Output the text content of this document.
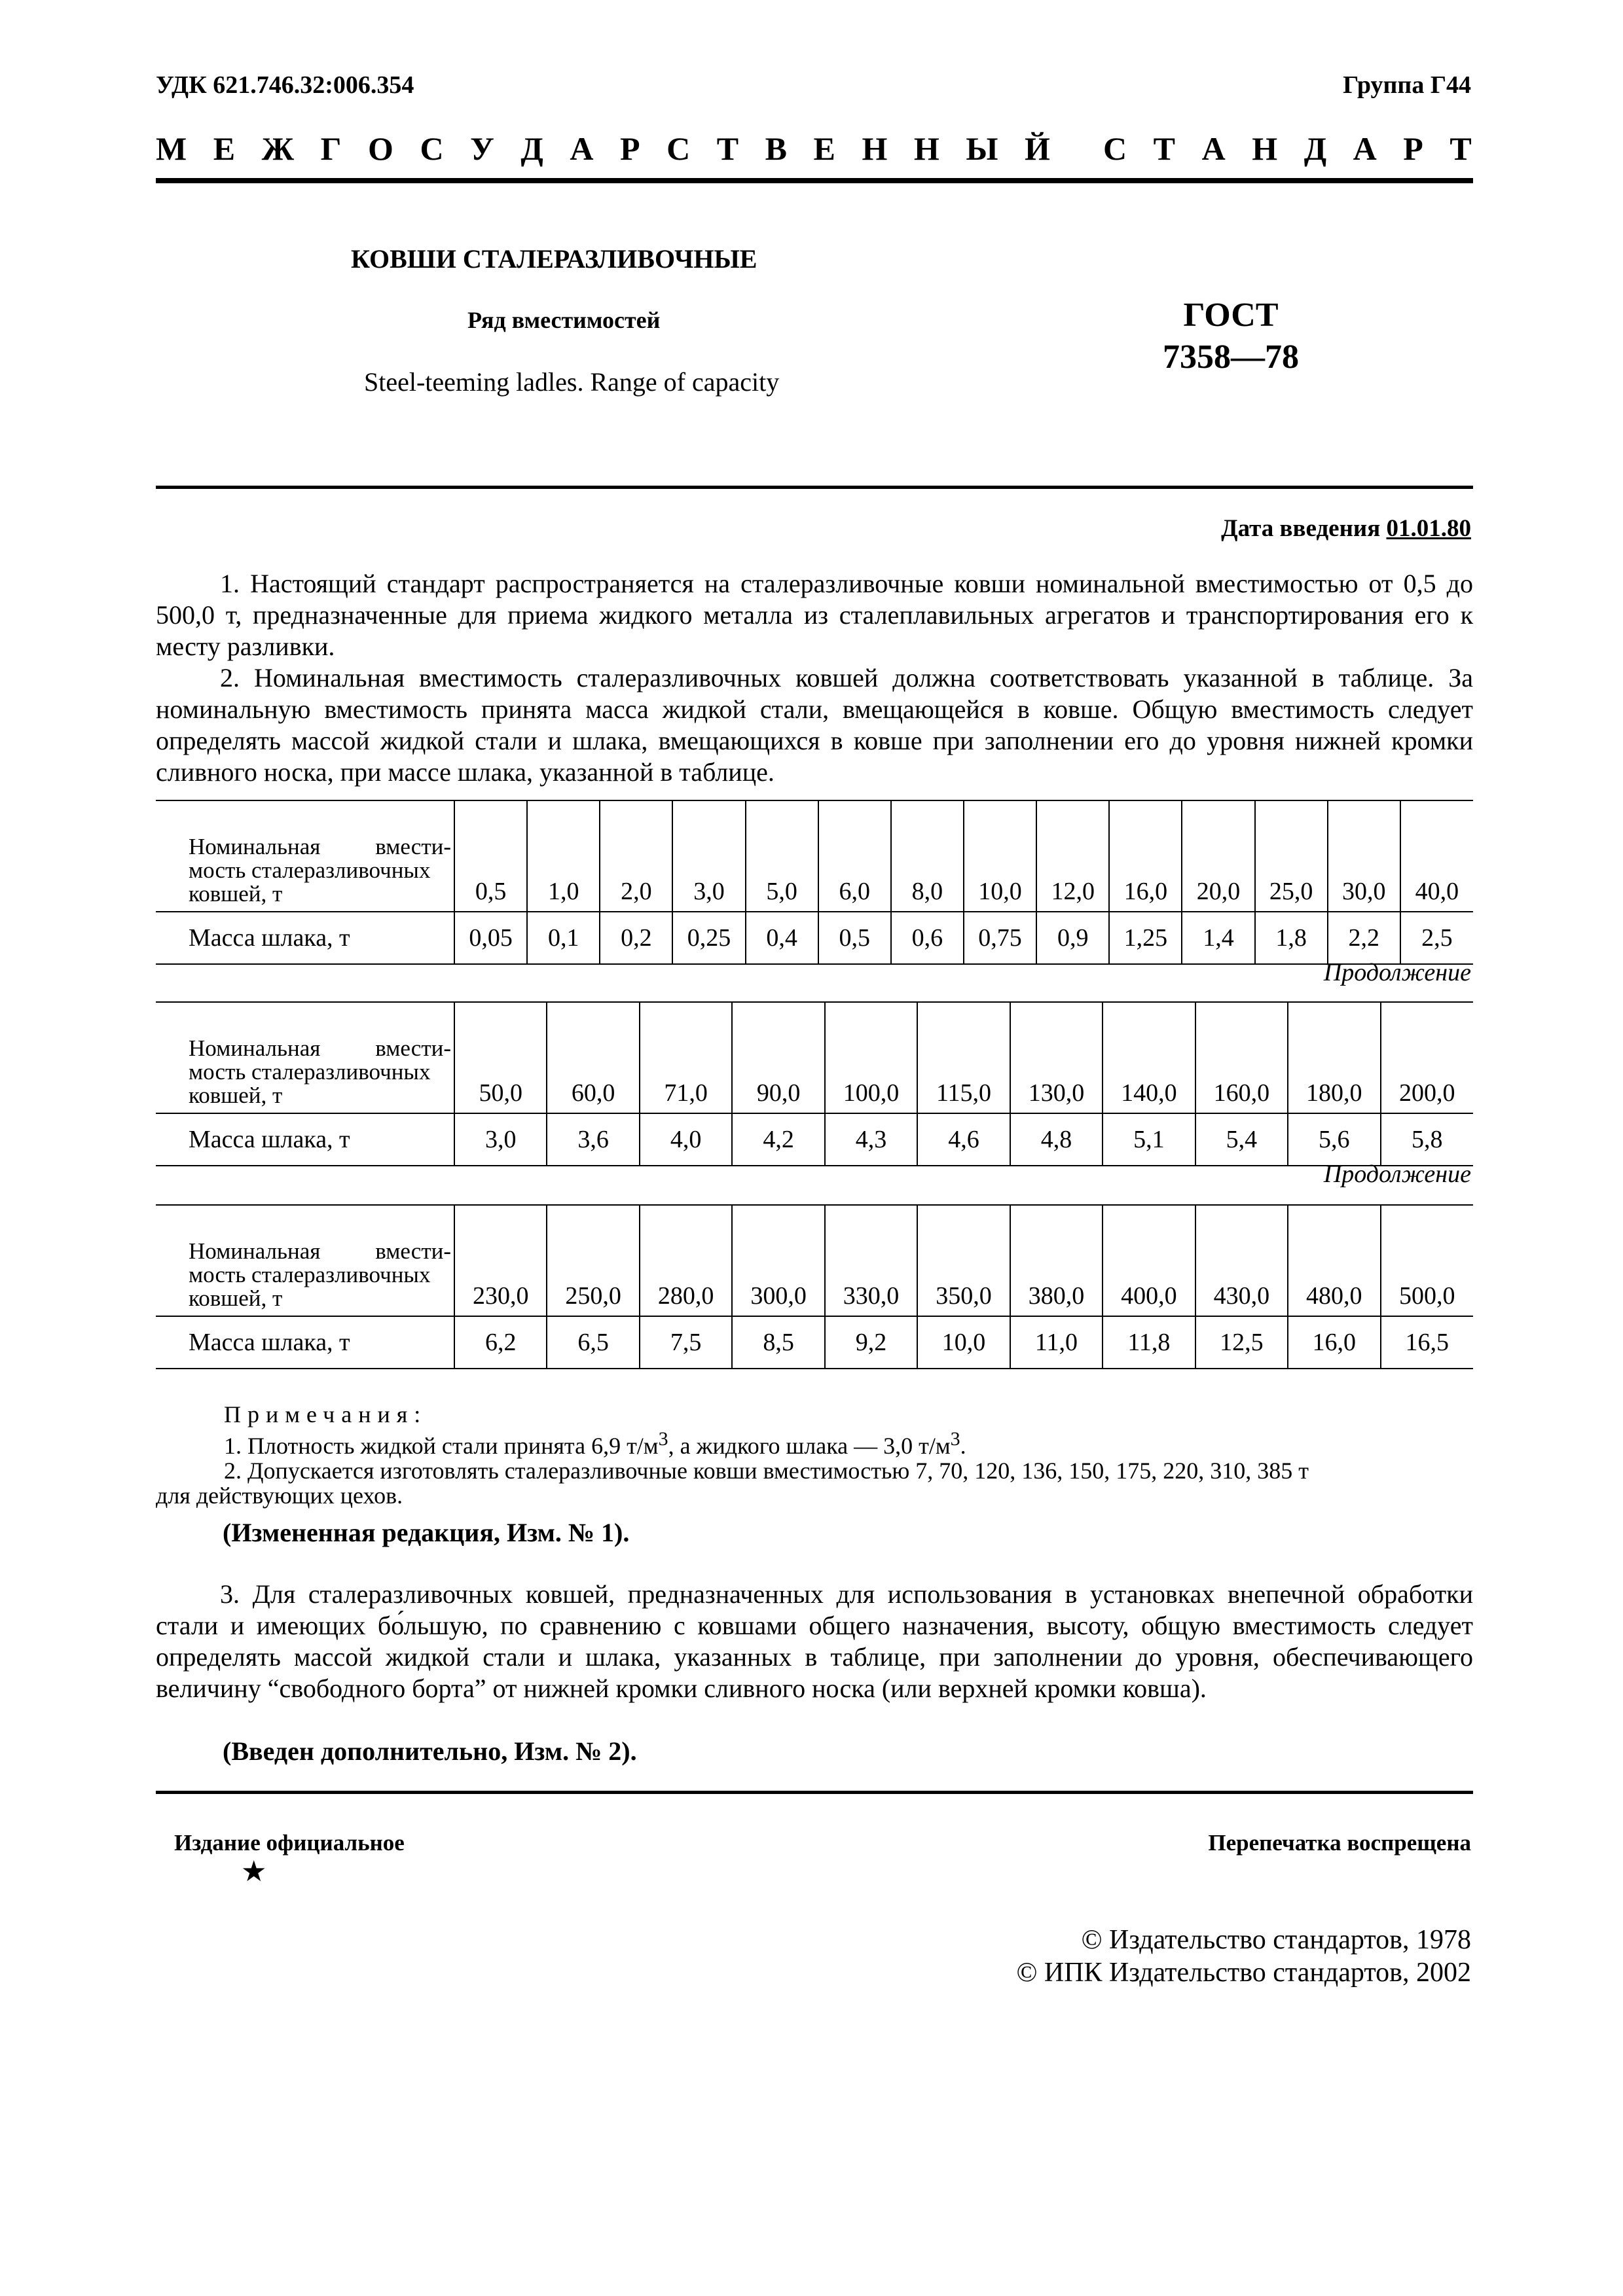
УДК 621.746.32:006.354	Группа Г44
М Е Ж Г О С У Д А Р С Т В Е Н Н Ы Й С Т А Н Д А Р Т
КОВШИ СТАЛЕРАЗЛИВОЧНЫЕ
Ряд вместимостей
Steel-teeming ladles. Range of capacity
ГОСТ
7358—78
Дата введения 01.01.80
1. Настоящий стандарт распространяется на сталеразливочные ковши номинальной вместимостью от 0,5 до 500,0 т, предназначенные для приема жидкого металла из сталеплавильных агрегатов и транспортирования его к месту разливки.
2. Номинальная вместимость сталеразливочных ковшей должна соответствовать указанной в таблице. За номинальную вместимость принята масса жидкой стали, вмещающейся в ковше. Общую вместимость следует определять массой жидкой стали и шлака, вмещающихся в ковше при заполнении его до уровня нижней кромки сливного носка, при массе шлака, указанной в таблице.
Номинальная вмести-
мость сталеразливочных
ковшей, т	0,5	1,0	2,0	3,0	5,0	6,0	8,0	10,0	12,0	16,0	20,0	25,0	30,0	40,0
Масса шлака, т	0,05	0,1	0,2	0,25	0,4	0,5	0,6	0,75	0,9	1,25	1,4	1,8	2,2	2,5
Продолжение
Номинальная вмести-
мость сталеразливочных
ковшей, т	50,0	60,0	71,0	90,0	100,0	115,0	130,0	140,0	160,0	180,0	200,0
Масса шлака, т	3,0	3,6	4,0	4,2	4,3	4,6	4,8	5,1	5,4	5,6	5,8
Продолжение
Номинальная вмести-
мость сталеразливочных
ковшей, т	230,0	250,0	280,0	300,0	330,0	350,0	380,0	400,0	430,0	480,0	500,0
Масса шлака, т	6,2	6,5	7,5	8,5	9,2	10,0	11,0	11,8	12,5	16,0	16,5
Примечания:
1. Плотность жидкой стали принята 6,9 $т/м^3$, а жидкого шлака — 3,0 $т/м^3$.
2. Допускается изготовлять сталеразливочные ковши вместимостью 7, 70, 120, 136, 150, 175, 220, 310, 385 т
для действующих цехов.
(Измененная редакция, Изм. № 1).
3. Для сталеразливочных ковшей, предназначенных для использования в установках внепечной обработки стали и имеющих бо́льшую, по сравнению с ковшами общего назначения, высоту, общую вместимость следует определять массой жидкой стали и шлака, указанных в таблице, при заполнении до уровня, обеспечивающего величину “свободного борта” от нижней кромки сливного носка (или верхней кромки ковша).
(Введен дополнительно, Изм. № 2).
Издание официальное
★
Перепечатка воспрещена
© Издательство стандартов, 1978
© ИПК Издательство стандартов, 2002
